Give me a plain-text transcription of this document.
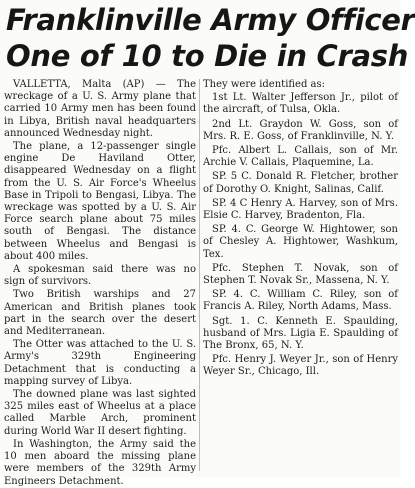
Franklinville Army Officer
One of 10 to Die in Crash

VALLETTA, Malta (AP) — The wreckage of a U. S. Army plane that carried 10 Army men has been found in Libya, British naval headquarters announced Wednesday night.

The plane, a 12-passenger single engine De Haviland Otter, disappeared Wednesday on a flight from the U. S. Air Force's Wheelus Base in Tripoli to Bengasi, Libya. The wreckage was spotted by a U. S. Air Force search plane about 75 miles south of Bengasi. The distance between Wheelus and Bengasi is about 400 miles.

A spokesman said there was no sign of survivors.

Two British warships and 27 American and British planes took part in the search over the desert and Mediterranean.

The Otter was attached to the U. S. Army's 329th Engineering Detachment that is conducting a mapping survey of Libya.

The downed plane was last sighted 325 miles east of Wheelus at a place called Marble Arch, prominent during World War II desert fighting.

In Washington, the Army said the 10 men aboard the missing plane were members of the 329th Army Engineers Detachment.

They were identified as:

1st Lt. Walter Jefferson Jr., pilot of the aircraft, of Tulsa, Okla.

2nd Lt. Graydon W. Goss, son of Mrs. R. E. Goss, of Franklinville, N. Y.

Pfc. Albert L. Callais, son of Mr. Archie V. Callais, Plaquemine, La.

SP. 5 C. Donald R. Fletcher, brother of Dorothy O. Knight, Salinas, Calif.

SP. 4 C Henry A. Harvey, son of Mrs. Elsie C. Harvey, Bradenton, Fla.

SP. 4. C. George W. Hightower, son of Chesley A. Hightower, Washkum, Tex.

Pfc. Stephen T. Novak, son of Stephen T. Novak Sr., Massena, N. Y.

SP. 4. C. William C. Riley, son of Francis A. Riley, North Adams, Mass.

Sgt. 1. C. Kenneth E. Spaulding, husband of Mrs. Ligia E. Spaulding of The Bronx, 65, N. Y.

Pfc. Henry J. Weyer Jr., son of Henry Weyer Sr., Chicago, Ill.
